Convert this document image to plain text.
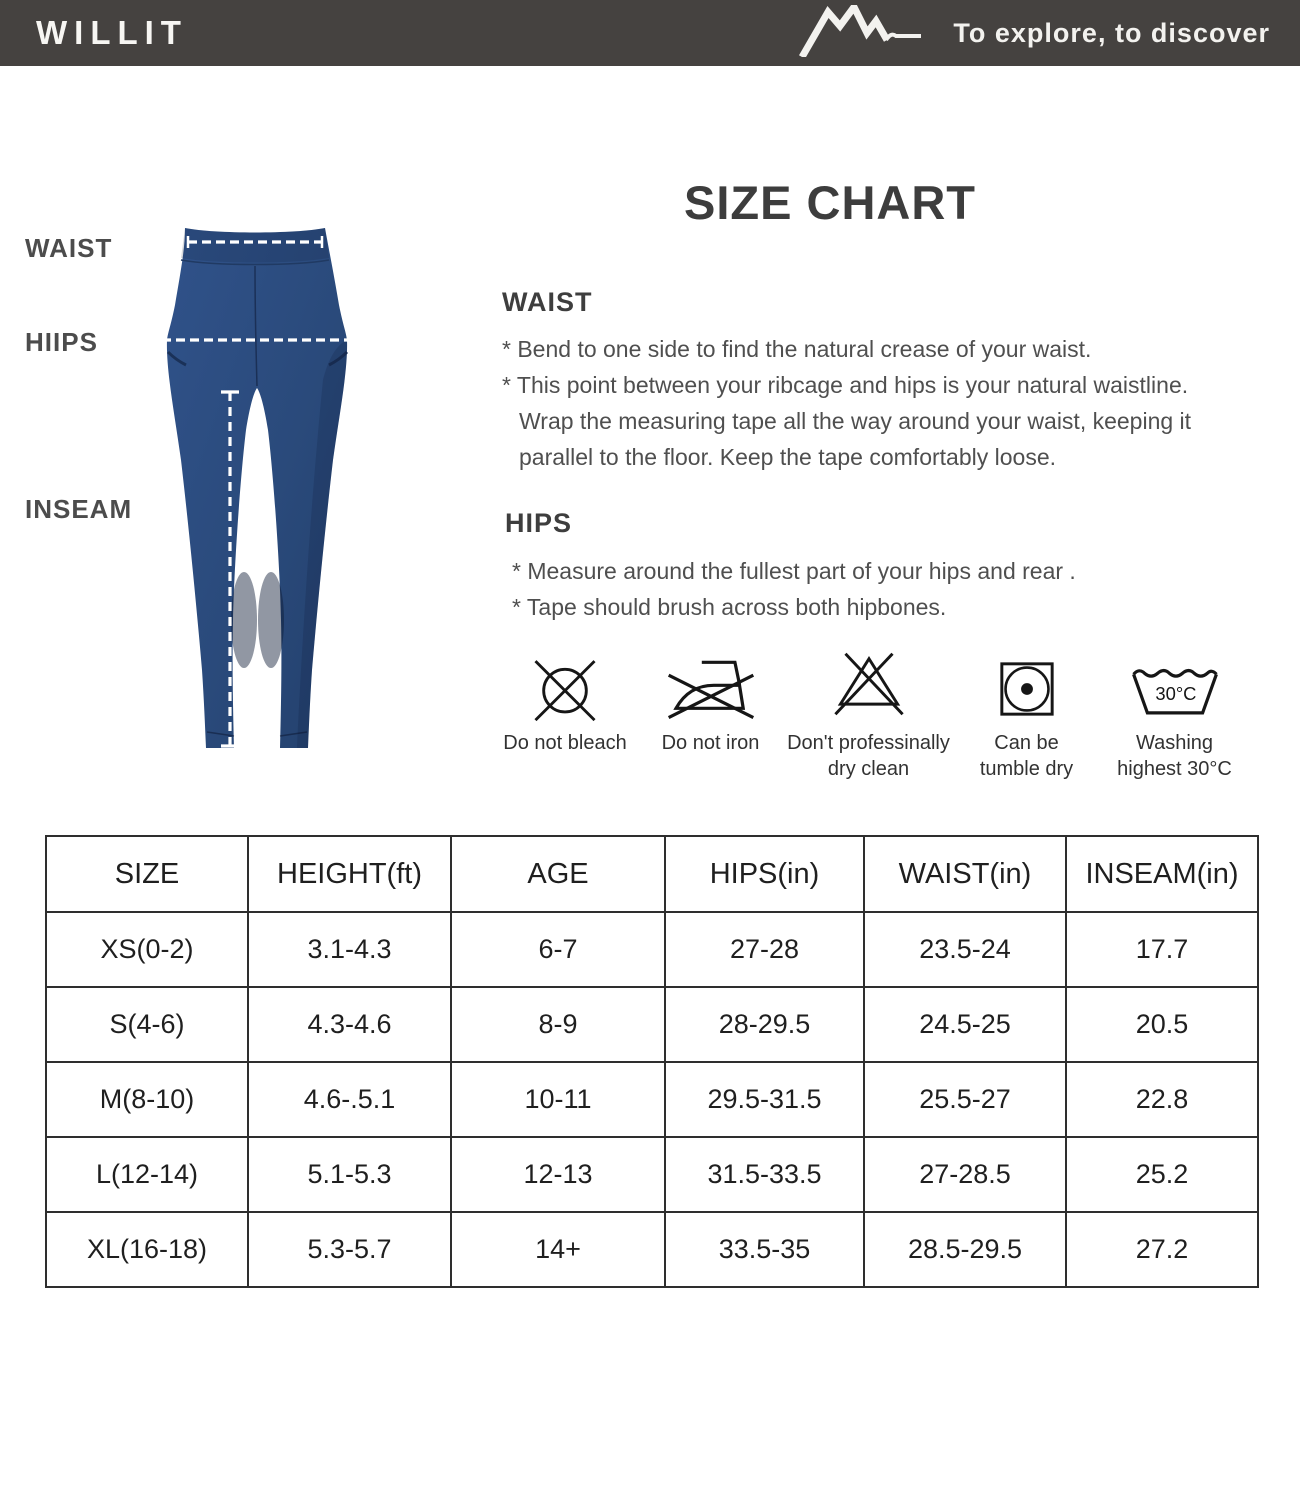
WILLIT	To explore, to discover
WAIST
HIIPS
INSEAM
SIZE CHART
WAIST
* Bend to one side to find the natural crease of your waist.
* This point between your ribcage and hips is your natural waistline.
Wrap the measuring tape all the way around your waist, keeping it
parallel to the floor. Keep the tape comfortably loose.
HIPS
* Measure around the fullest part of your hips and rear .
* Tape should brush across both hipbones.
Do not bleach Do not iron Don't professinally
dry clean
Can be
tumble dry
30°C
Washing
highest 30°C
SIZE	HEIGHT(ft)	AGE	HIPS(in)	WAIST(in)	INSEAM(in)
XS(0-2)	3.1-4.3	6-7	27-28	23.5-24	17.7
S(4-6)	4.3-4.6	8-9	28-29.5	24.5-25	20.5
M(8-10)	4.6-.5.1	10-11	29.5-31.5	25.5-27	22.8
L(12-14)	5.1-5.3	12-13	31.5-33.5	27-28.5	25.2
XL(16-18)	5.3-5.7	14+	33.5-35	28.5-29.5	27.2
